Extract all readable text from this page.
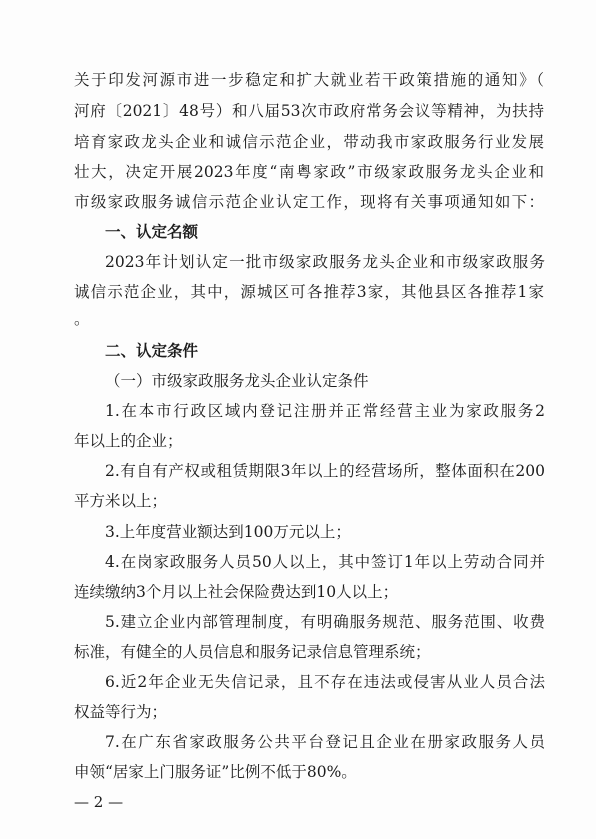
关于印发河源市进一步稳定和扩大就业若干政策措施的通知》（
河府〔2021〕48号）和八届53次市政府常务会议等精神，为扶持
培育家政龙头企业和诚信示范企业，带动我市家政服务行业发展
壮大，决定开展2023年度“南粤家政”市级家政服务龙头企业和
市级家政服务诚信示范企业认定工作，现将有关事项通知如下：
一、认定名额
2023年计划认定一批市级家政服务龙头企业和市级家政服务
诚信示范企业，其中，源城区可各推荐3家，其他县区各推荐1家
。
二、认定条件
（一）市级家政服务龙头企业认定条件
1.在本市行政区域内登记注册并正常经营主业为家政服务2
年以上的企业；
2.有自有产权或租赁期限3年以上的经营场所，整体面积在200
平方米以上；
3.上年度营业额达到100万元以上；
4.在岗家政服务人员50人以上，其中签订1年以上劳动合同并
连续缴纳3个月以上社会保险费达到10人以上；
5.建立企业内部管理制度，有明确服务规范、服务范围、收费
标准，有健全的人员信息和服务记录信息管理系统；
6.近2年企业无失信记录，且不存在违法或侵害从业人员合法
权益等行为；
7.在广东省家政服务公共平台登记且企业在册家政服务人员
申领“居家上门服务证”比例不低于80%。
— 2 —
